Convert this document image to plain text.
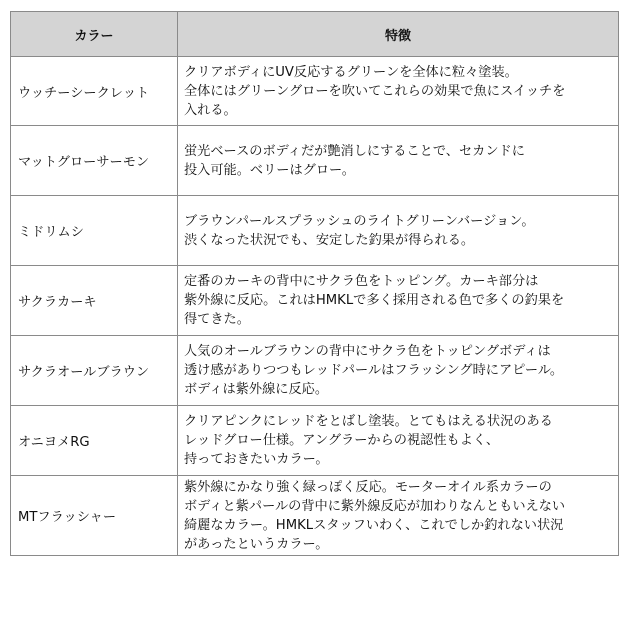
カラー	特徴
ウッチーシークレット	クリアボディにUV反応するグリーンを全体に粒々塗装。
全体にはグリーングローを吹いてこれらの効果で魚にスイッチを
入れる。

マットグローサーモン	蛍光ベースのボディだが艶消しにすることで、セカンドに
投入可能。ベリーはグロー。

ミドリムシ	ブラウンパールスプラッシュのライトグリーンバージョン。
渋くなった状況でも、安定した釣果が得られる。

サクラカーキ	定番のカーキの背中にサクラ色をトッピング。カーキ部分は
紫外線に反応。これはHMKLで多く採用される色で多くの釣果を
得てきた。

サクラオールブラウン	人気のオールブラウンの背中にサクラ色をトッピングボディは
透け感がありつつもレッドパールはフラッシング時にアピール。
ボディは紫外線に反応。

オニヨメRG	クリアピンクにレッドをとばし塗装。とてもはえる状況のある
レッドグロー仕様。アングラーからの視認性もよく、
持っておきたいカラー。

MTフラッシャー	紫外線にかなり強く緑っぽく反応。モーターオイル系カラーの
ボディと紫パールの背中に紫外線反応が加わりなんともいえない
綺麗なカラー。HMKLスタッフいわく、これでしか釣れない状況
があったというカラー。
